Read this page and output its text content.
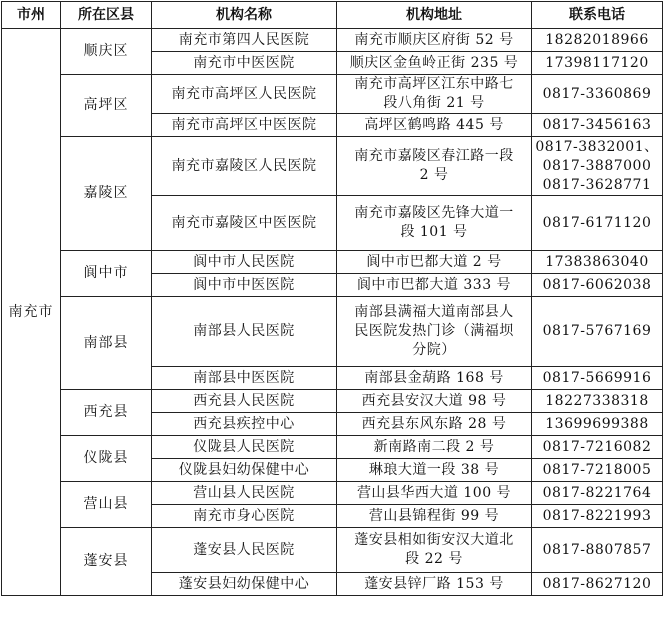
市州	所在区县	机构名称	机构地址	联系电话
南充市	顺庆区	南充市第四人民医院	南充市顺庆区府街 52 号	18282018966
		南充市中医医院	顺庆区金鱼岭正街 235 号	17398117120
	高坪区	南充市高坪区人民医院	南充市高坪区江东中路七
段八角街 21 号	0817-3360869
		南充市高坪区中医医院	高坪区鹤鸣路 445 号	0817-3456163
	嘉陵区	南充市嘉陵区人民医院	南充市嘉陵区春江路一段
2 号	0817-3832001、
0817-3887000
0817-3628771
		南充市嘉陵区中医医院	南充市嘉陵区先锋大道一
段 101 号	0817-6171120
	阆中市	阆中市人民医院	阆中市巴都大道 2 号	17383863040
		阆中市中医医院	阆中市巴都大道 333 号	0817-6062038
	南部县	南部县人民医院	南部县满福大道南部县人
民医院发热门诊（满福坝
分院）	0817-5767169
		南部县中医医院	南部县金葫路 168 号	0817-5669916
	西充县	西充县人民医院	西充县安汉大道 98 号	18227338318
		西充县疾控中心	西充县东风东路 28 号	13699699388
	仪陇县	仪陇县人民医院	新南路南二段 2 号	0817-7216082
		仪陇县妇幼保健中心	琳琅大道一段 38 号	0817-7218005
	营山县	营山县人民医院	营山县华西大道 100 号	0817-8221764
		南充市身心医院	营山县锦程街 99 号	0817-8221993
	蓬安县	蓬安县人民医院	蓬安县相如街安汉大道北
段 22 号	0817-8807857
		蓬安县妇幼保健中心	蓬安县锌厂路 153 号	0817-8627120
